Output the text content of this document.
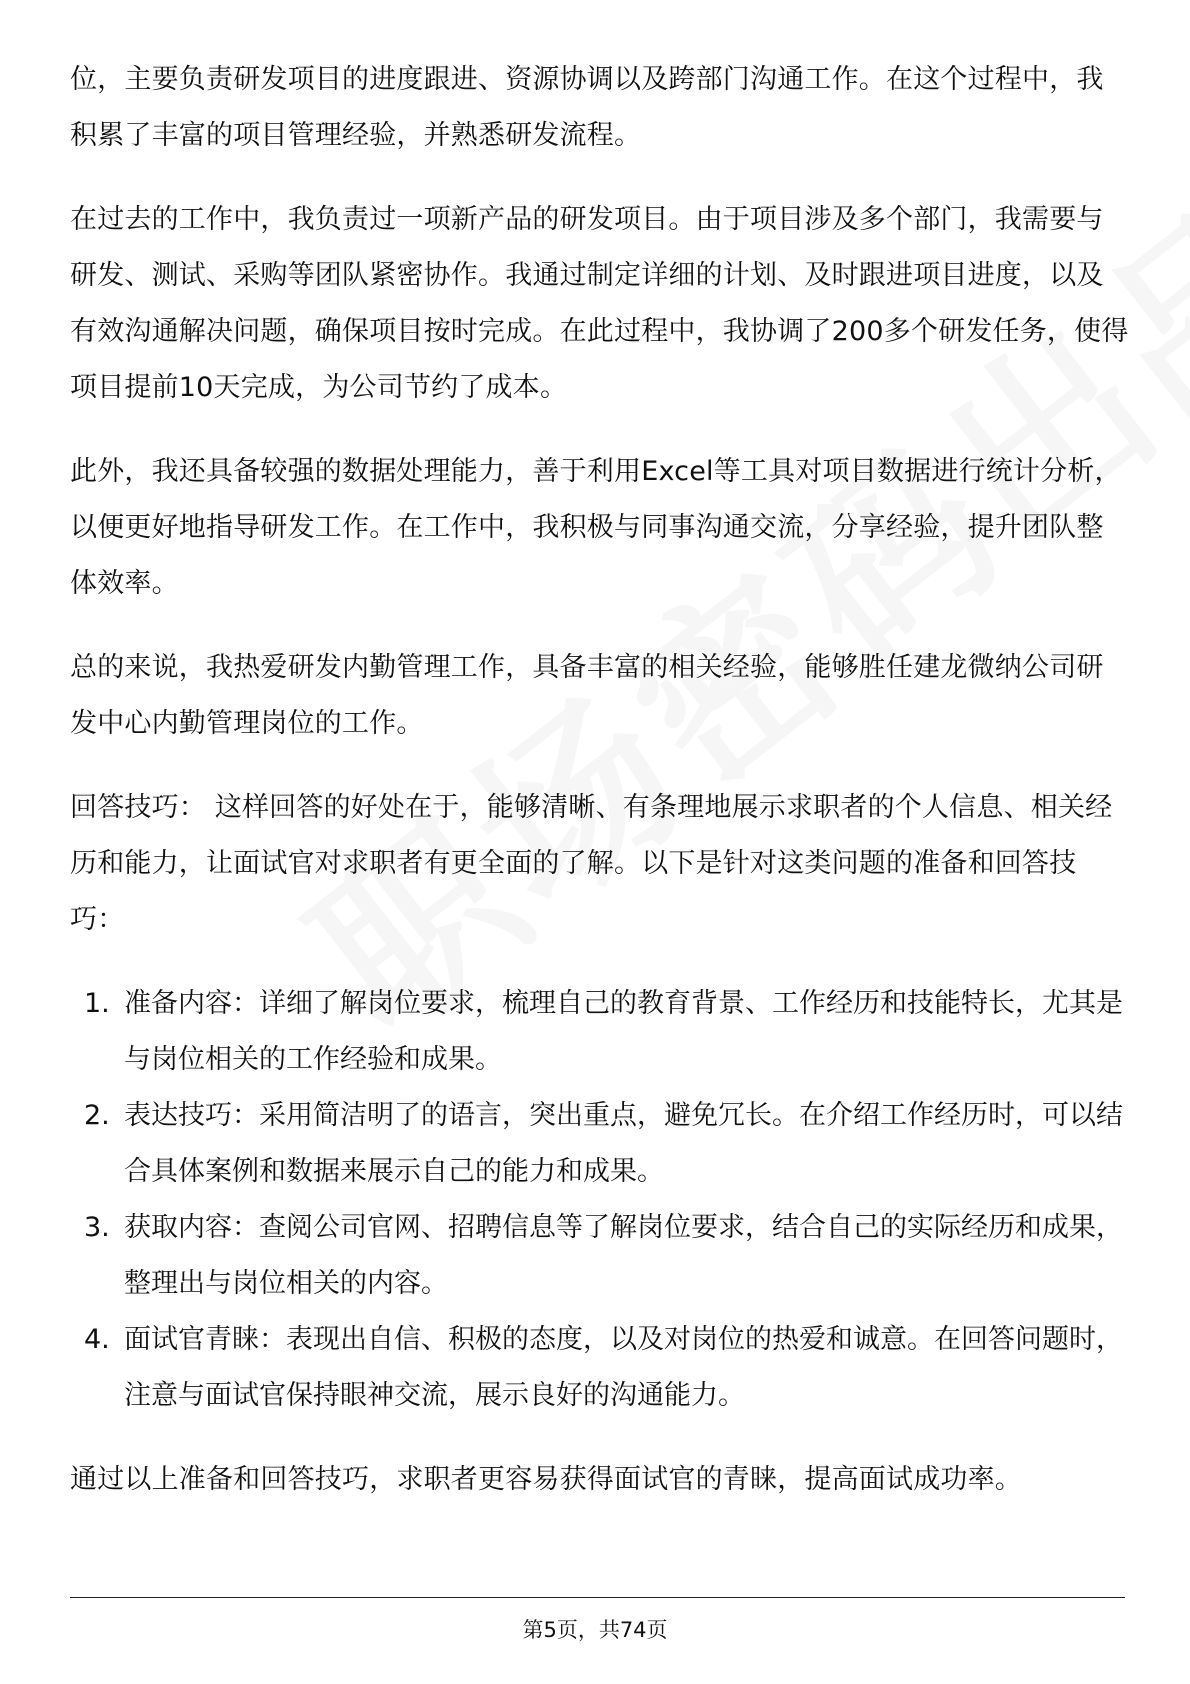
位，主要负责研发项目的进度跟进、资源协调以及跨部门沟通工作。在这个过程中，我积累了丰富的项目管理经验，并熟悉研发流程。

在过去的工作中，我负责过一项新产品的研发项目。由于项目涉及多个部门，我需要与研发、测试、采购等团队紧密协作。我通过制定详细的计划、及时跟进项目进度，以及有效沟通解决问题，确保项目按时完成。在此过程中，我协调了200多个研发任务，使得项目提前10天完成，为公司节约了成本。

此外，我还具备较强的数据处理能力，善于利用Excel等工具对项目数据进行统计分析，以便更好地指导研发工作。在工作中，我积极与同事沟通交流，分享经验，提升团队整体效率。

总的来说，我热爱研发内勤管理工作，具备丰富的相关经验，能够胜任建龙微纳公司研发中心内勤管理岗位的工作。

回答技巧： 这样回答的好处在于，能够清晰、有条理地展示求职者的个人信息、相关经历和能力，让面试官对求职者有更全面的了解。以下是针对这类问题的准备和回答技巧：

1. 准备内容：详细了解岗位要求，梳理自己的教育背景、工作经历和技能特长，尤其是与岗位相关的工作经验和成果。
2. 表达技巧：采用简洁明了的语言，突出重点，避免冗长。在介绍工作经历时，可以结合具体案例和数据来展示自己的能力和成果。
3. 获取内容：查阅公司官网、招聘信息等了解岗位要求，结合自己的实际经历和成果，整理出与岗位相关的内容。
4. 面试官青睐：表现出自信、积极的态度，以及对岗位的热爱和诚意。在回答问题时，注意与面试官保持眼神交流，展示良好的沟通能力。

通过以上准备和回答技巧，求职者更容易获得面试官的青睐，提高面试成功率。

第5页，共74页
